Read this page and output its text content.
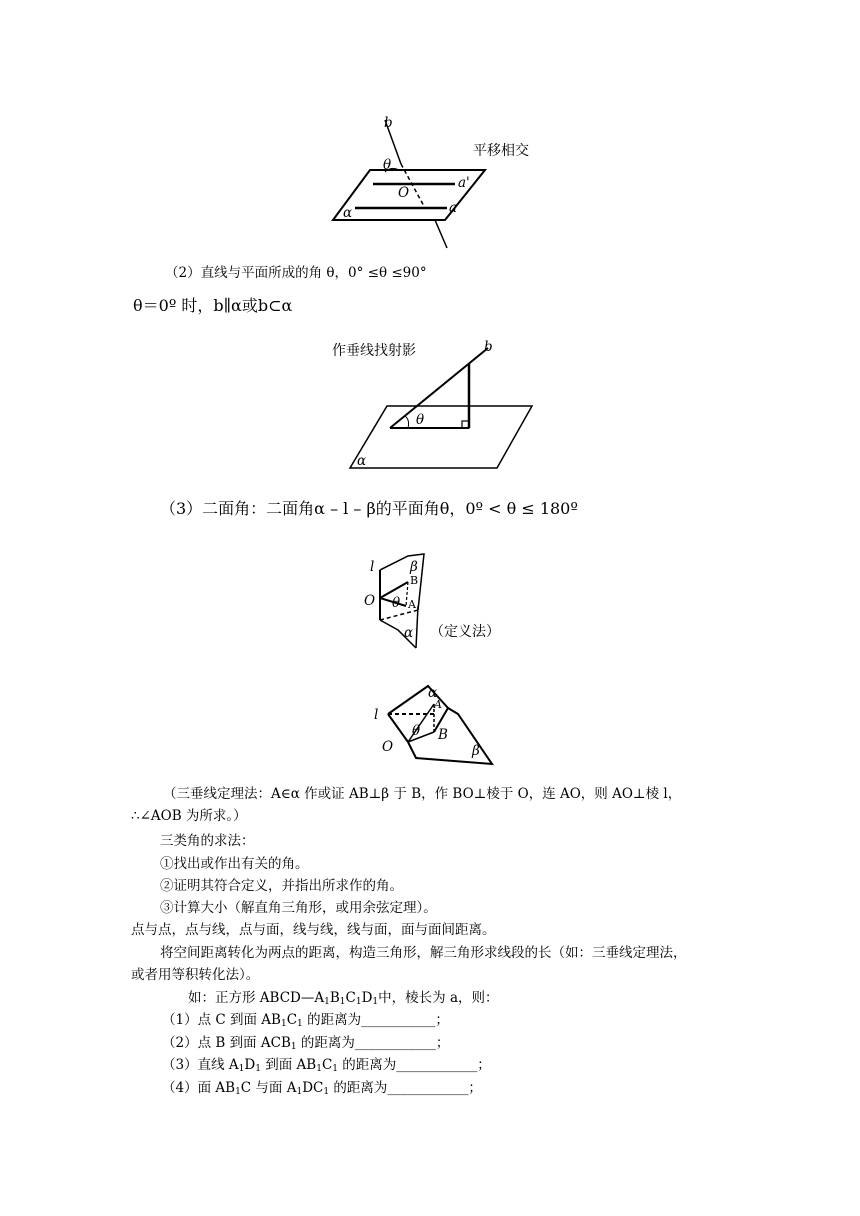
b
θ
O
a'
a
α
平移相交
（2）直线与平面所成的角 θ，0° ≤θ ≤90°
θ＝0º 时，b∥α或b⊂α
b
θ
α
作垂线找射影
（3）二面角：二面角α – l – β的平面角θ，0º < θ ≤ 180º
l	β
B
O θ A
α （定义法）
α
A
l
θ B
O	β
（三垂线定理法：A∈α 作或证 AB⊥β 于 B，作 BO⊥棱于 O，连 AO，则 AO⊥棱 l，
∴∠AOB 为所求。）
三类角的求法：
①找出或作出有关的角。
②证明其符合定义，并指出所求作的角。
③计算大小（解直角三角形，或用余弦定理）。
点与点，点与线，点与面，线与线，线与面，面与面间距离。
将空间距离转化为两点的距离，构造三角形，解三角形求线段的长（如：三垂线定理法，
或者用等积转化法）。
如：正方形 $ABCD—A_1B_1C_1D_1$中，棱长为 a，则：
（1）点 C 到面 $AB_1C_1$ 的距离为___________；
（2）点 B 到面 $ACB_1$ 的距离为____________；
（3）直线 $A_1D_1$ 到面 $AB_1C_1$ 的距离为____________；
（4）面 $AB_1C$ 与面 $A_1DC_1$ 的距离为____________；
